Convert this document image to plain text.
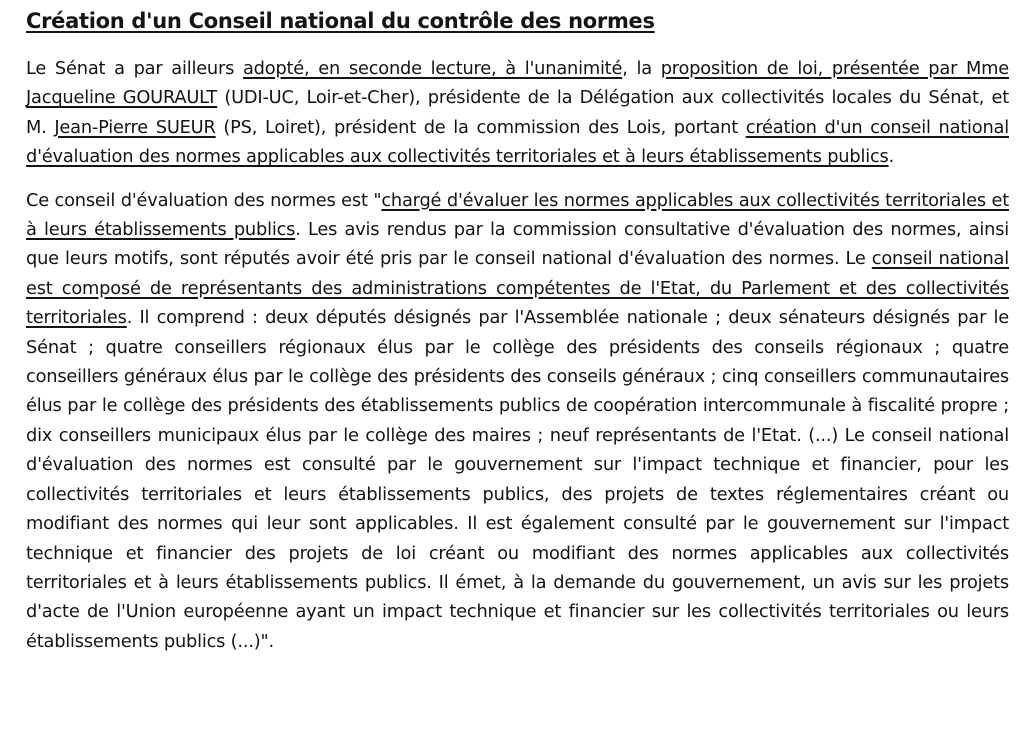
Création d'un Conseil national du contrôle des normes

Le Sénat a par ailleurs adopté, en seconde lecture, à l'unanimité, la proposition de loi, présentée par Mme Jacqueline GOURAULT (UDI-UC, Loir-et-Cher), présidente de la Délégation aux collectivités locales du Sénat, et M. Jean-Pierre SUEUR (PS, Loiret), président de la commission des Lois, portant création d'un conseil national d'évaluation des normes applicables aux collectivités territoriales et à leurs établissements publics.

Ce conseil d'évaluation des normes est "chargé d'évaluer les normes applicables aux collectivités territoriales et à leurs établissements publics. Les avis rendus par la commission consultative d'évaluation des normes, ainsi que leurs motifs, sont réputés avoir été pris par le conseil national d'évaluation des normes. Le conseil national est composé de représentants des administrations compétentes de l'Etat, du Parlement et des collectivités territoriales. Il comprend : deux députés désignés par l'Assemblée nationale ; deux sénateurs désignés par le Sénat ; quatre conseillers régionaux élus par le collège des présidents des conseils régionaux ; quatre conseillers généraux élus par le collège des présidents des conseils généraux ; cinq conseillers communautaires élus par le collège des présidents des établissements publics de coopération intercommunale à fiscalité propre ; dix conseillers municipaux élus par le collège des maires ; neuf représentants de l'Etat. (...) Le conseil national d'évaluation des normes est consulté par le gouvernement sur l'impact technique et financier, pour les collectivités territoriales et leurs établissements publics, des projets de textes réglementaires créant ou modifiant des normes qui leur sont applicables. Il est également consulté par le gouvernement sur l'impact technique et financier des projets de loi créant ou modifiant des normes applicables aux collectivités territoriales et à leurs établissements publics. Il émet, à la demande du gouvernement, un avis sur les projets d'acte de l'Union européenne ayant un impact technique et financier sur les collectivités territoriales ou leurs établissements publics (...)".
